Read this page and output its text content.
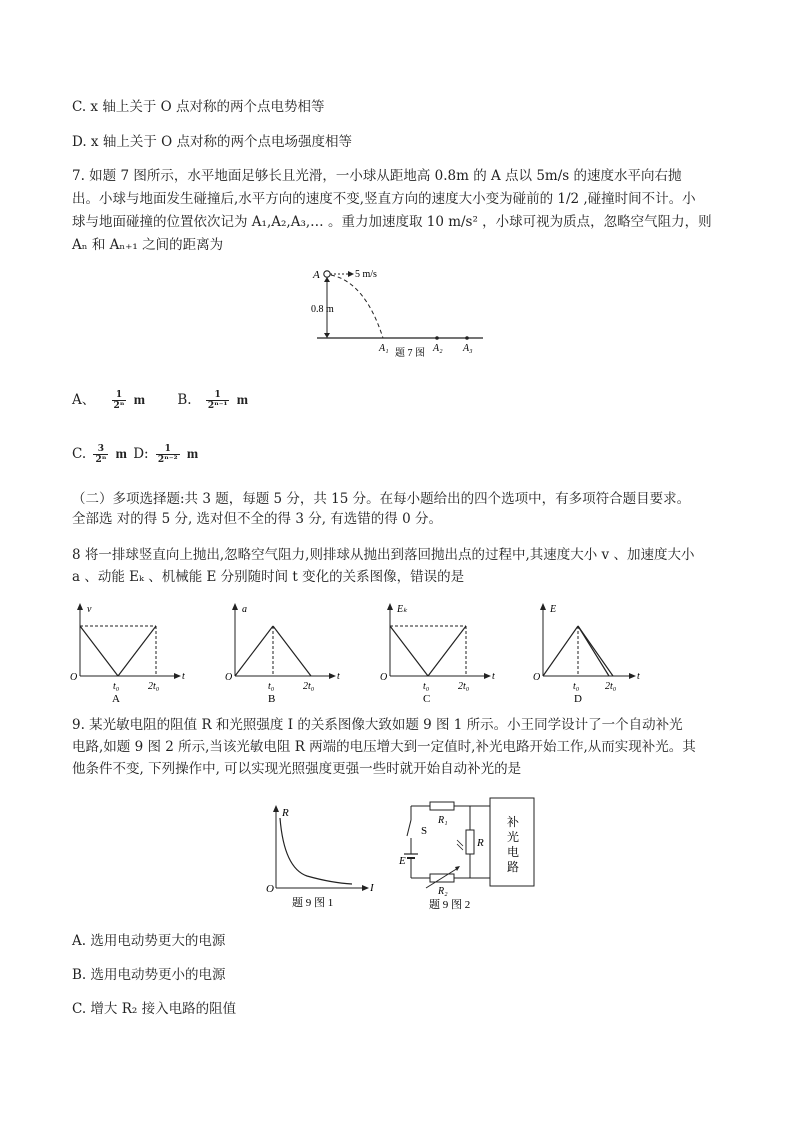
C. x 轴上关于 O 点对称的两个点电势相等
D. x 轴上关于 O 点对称的两个点电场强度相等
7. 如题 7 图所示，水平地面足够长且光滑，一小球从距地高 0.8m 的 A 点以 5m/s 的速度水平向右抛
出。小球与地面发生碰撞后,水平方向的速度不变,竖直方向的速度大小变为碰前的 1/2 ,碰撞时间不计。小
球与地面碰撞的位置依次记为 A₁,A₂,A₃,… 。重力加速度取 10 m/s² ，小球可视为质点，忽略空气阻力，则
Aₙ 和 Aₙ₊₁ 之间的距离为
A	5 m/s
0.8 m
A₁ 题 7 图 A₂ A₃
A、 $\frac{1}{\text{2ⁿ}}$ m B. $\frac{1}{\text{2ⁿ⁻¹}}$ m
C. $\frac{3}{\text{2ⁿ}}$ m D: $\frac{1}{\text{2ⁿ⁻²}}$ m
（二）多项选择题:共 3 题，每题 5 分，共 15 分。在每小题给出的四个选项中，有多项符合题目要求。
全部选 对的得 5 分, 选对但不全的得 3 分, 有选错的得 0 分。
8 将一排球竖直向上抛出,忽略空气阻力,则排球从抛出到落回抛出点的过程中,其速度大小 v 、加速度大小
a 、动能 Eₖ 、机械能 E 分别随时间 t 变化的关系图像，错误的是
v
t
O
t₀	2t₀
A
a
t
O
t₀	2t₀
B
Eₖ
t
O
t₀	2t₀
C
E
t
O
t₀	2t₀
D
9. 某光敏电阻的阻值 R 和光照强度 I 的关系图像大致如题 9 图 1 所示。小王同学设计了一个自动补光
电路,如题 9 图 2 所示,当该光敏电阻 R 两端的电压增大到一定值时,补光电路开始工作,从而实现补光。其
他条件不变, 下列操作中, 可以实现光照强度更强一些时就开始自动补光的是
R
I
O
题 9 图 1
R₁
S
E
R₂
R
补
光
电
路
题 9 图 2
A. 选用电动势更大的电源
B. 选用电动势更小的电源
C. 增大 R₂ 接入电路的阻值
